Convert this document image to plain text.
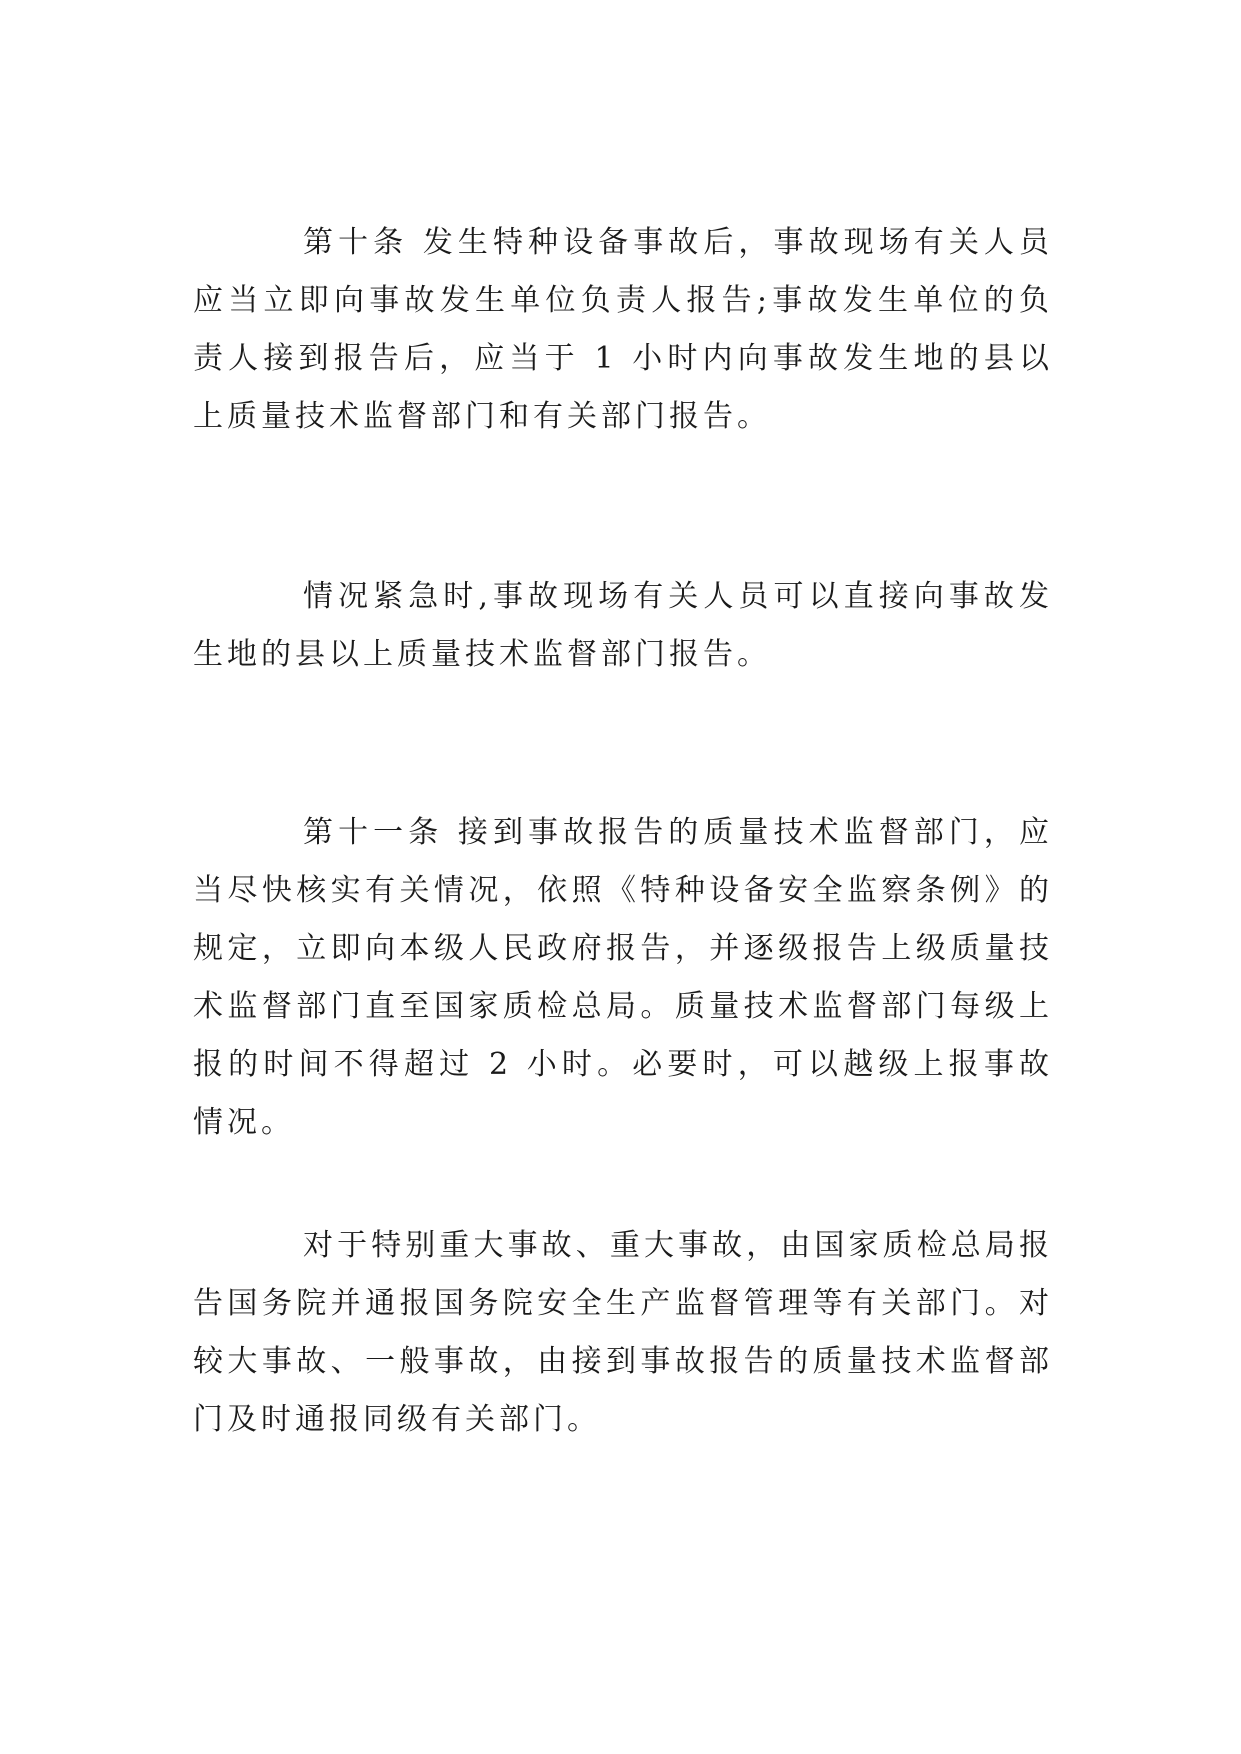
第十条 发生特种设备事故后，事故现场有关人员应当立即向事故发生单位负责人报告;事故发生单位的负责人接到报告后，应当于 1 小时内向事故发生地的县以上质量技术监督部门和有关部门报告。

情况紧急时,事故现场有关人员可以直接向事故发生地的县以上质量技术监督部门报告。

第十一条 接到事故报告的质量技术监督部门，应当尽快核实有关情况，依照《特种设备安全监察条例》的规定，立即向本级人民政府报告，并逐级报告上级质量技术监督部门直至国家质检总局。质量技术监督部门每级上报的时间不得超过 2 小时。必要时，可以越级上报事故情况。

对于特别重大事故、重大事故，由国家质检总局报告国务院并通报国务院安全生产监督管理等有关部门。对较大事故、一般事故，由接到事故报告的质量技术监督部门及时通报同级有关部门。
